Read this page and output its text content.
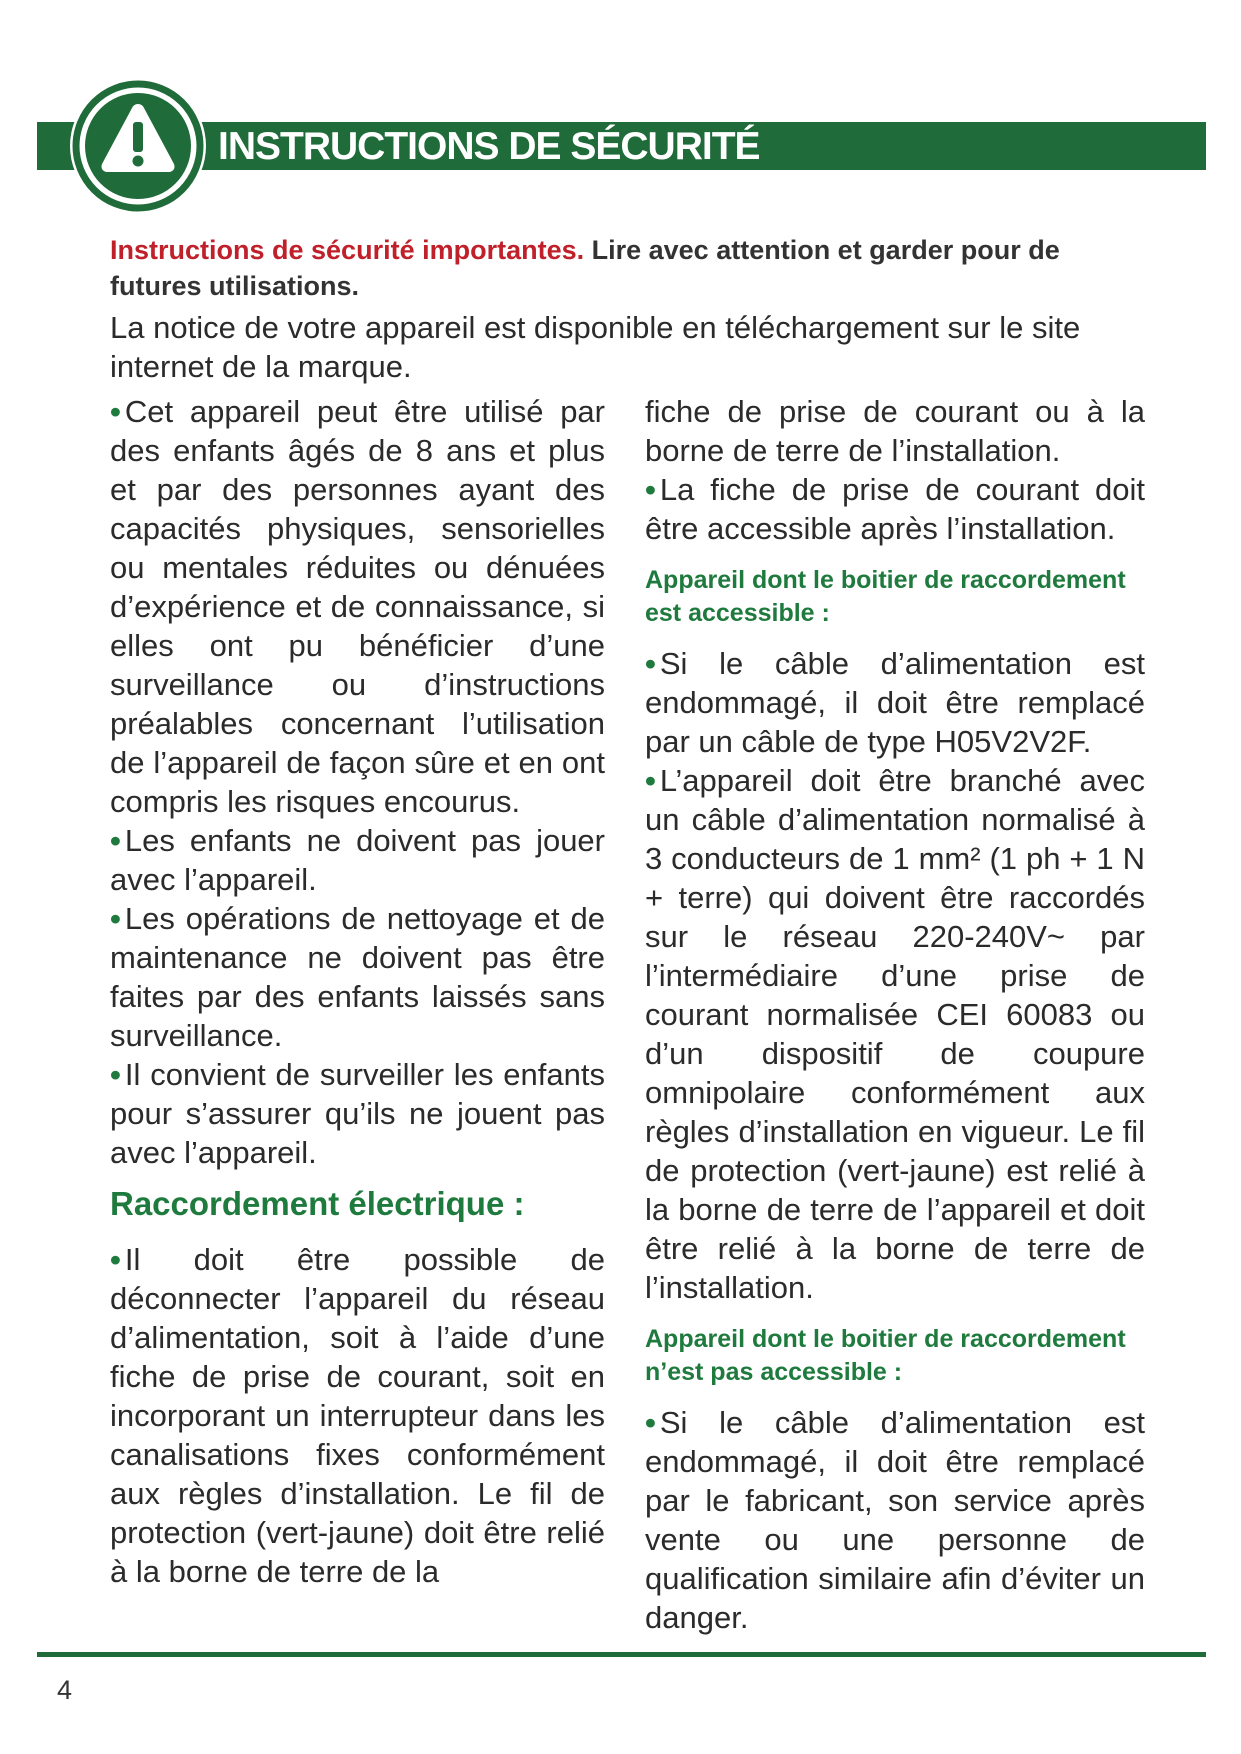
INSTRUCTIONS DE SÉCURITÉ

Instructions de sécurité importantes. Lire avec attention et garder pour de futures utilisations.

La notice de votre appareil est disponible en téléchargement sur le site internet de la marque.

• Cet appareil peut être utilisé par des enfants âgés de 8 ans et plus et par des personnes ayant des capacités physiques, sensorielles ou mentales réduites ou dénuées d’expérience et de connaissance, si elles ont pu bénéficier d’une surveillance ou d’instructions préalables concernant l’utilisation de l’appareil de façon sûre et en ont compris les risques encourus.

• Les enfants ne doivent pas jouer avec l’appareil.

• Les opérations de nettoyage et de maintenance ne doivent pas être faites par des enfants laissés sans surveillance.

• Il convient de surveiller les enfants pour s’assurer qu’ils ne jouent pas avec l’appareil.

Raccordement électrique :

• Il doit être possible de déconnecter l’appareil du réseau d’alimentation, soit à l’aide d’une fiche de prise de courant, soit en incorporant un interrupteur dans les canalisations fixes conformément aux règles d’installation. Le fil de protection (vert-jaune) doit être relié à la borne de terre de la

fiche de prise de courant ou à la borne de terre de l’installation.

• La fiche de prise de courant doit être accessible après l’installation.

Appareil dont le boitier de raccordement est accessible :

• Si le câble d’alimentation est endommagé, il doit être remplacé par un câble de type H05V2V2F.

• L’appareil doit être branché avec un câble d’alimentation normalisé à 3 conducteurs de 1 mm² (1 ph + 1 N + terre) qui doivent être raccordés sur le réseau 220-240V~ par l’intermédiaire d’une prise de courant normalisée CEI 60083 ou d’un dispositif de coupure omnipolaire conformément aux règles d’installation en vigueur. Le fil de protection (vert-jaune) est relié à la borne de terre de l’appareil et doit être relié à la borne de terre de l’installation.

Appareil dont le boitier de raccordement n’est pas accessible :

• Si le câble d’alimentation est endommagé, il doit être remplacé par le fabricant, son service après vente ou une personne de qualification similaire afin d’éviter un danger.

4
